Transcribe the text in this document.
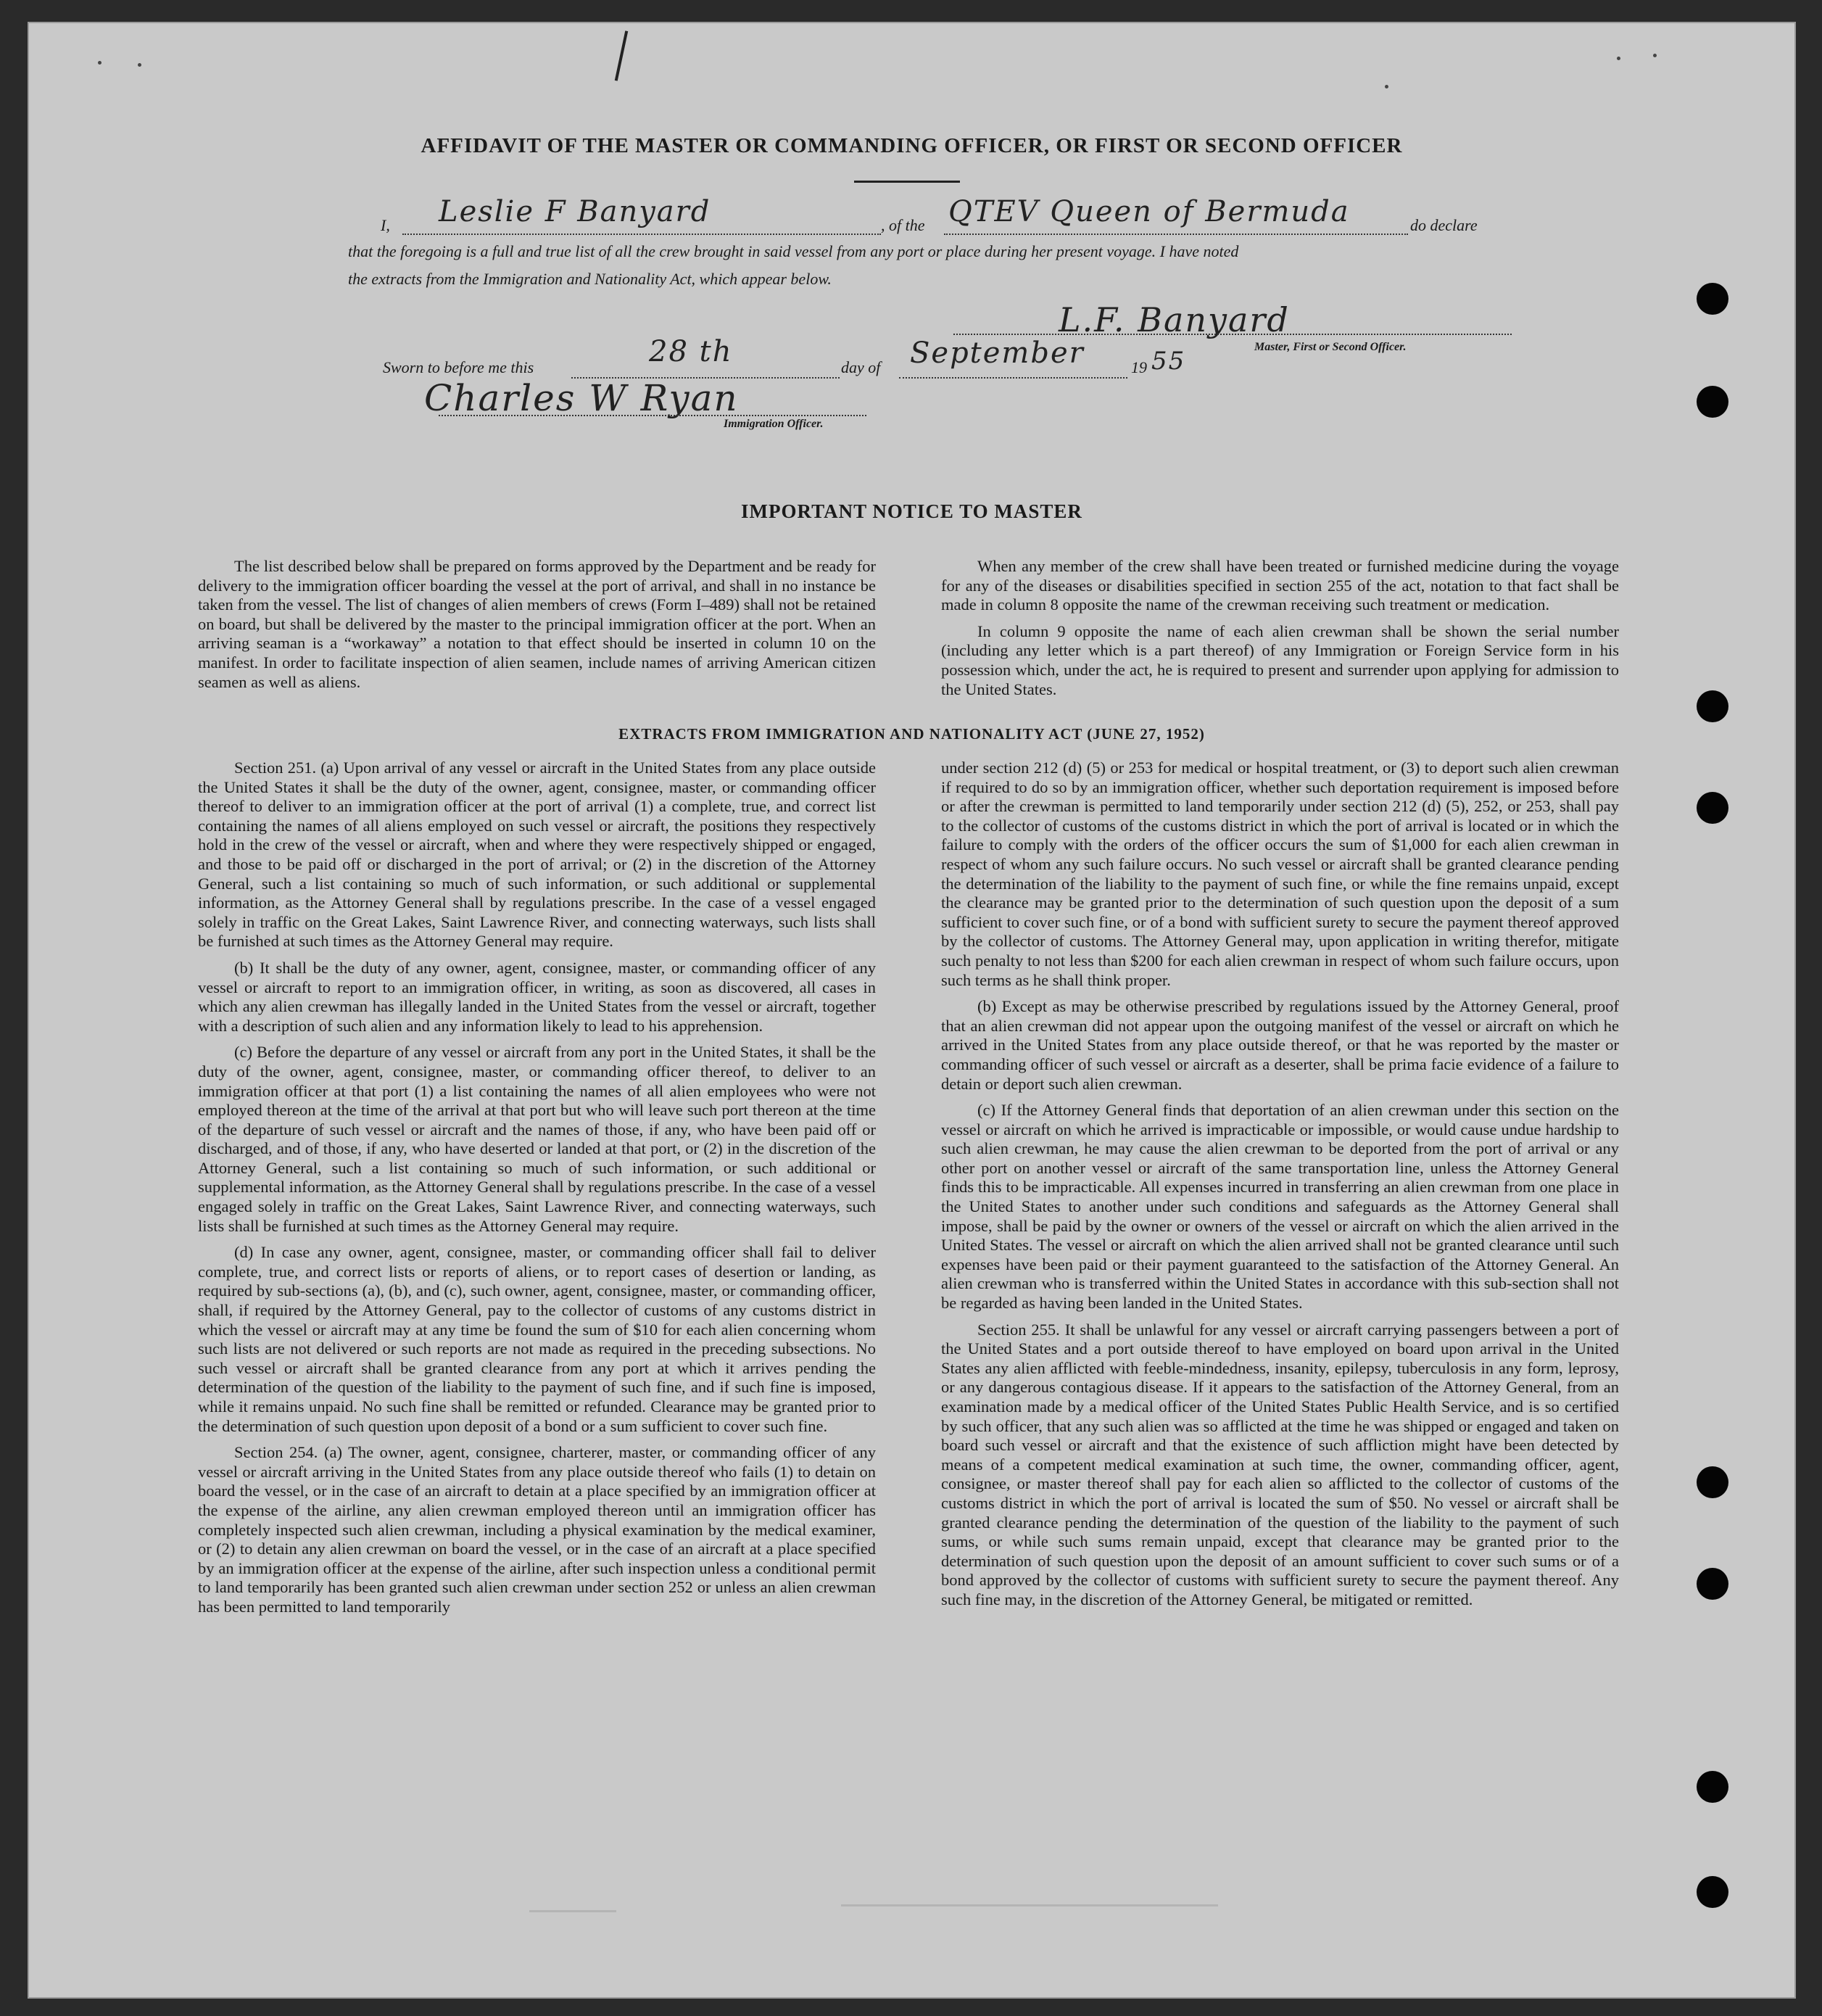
AFFIDAVIT OF THE MASTER OR COMMANDING OFFICER, OR FIRST OR SECOND OFFICER
I, Leslie F Banyard	, of the QTEV Queen of Bermuda	do declare
that the foregoing is a full and true list of all the crew brought in said vessel from any port or place during her present voyage. I have noted
the extracts from the Immigration and Nationality Act, which appear below.
L.F. Banyard
Master, First or Second Officer.
Sworn to before me this	28 th	day of September	19 55
Charles W Ryan
Immigration Officer.
IMPORTANT NOTICE TO MASTER

The list described below shall be prepared on forms approved by the Department and be ready for delivery to the immigration officer boarding the vessel at the port of arrival, and shall in no instance be taken from the vessel. The list of changes of alien members of crews (Form I–489) shall not be retained on board, but shall be delivered by the master to the principal immigration officer at the port. When an arriving seaman is a “workaway” a notation to that effect should be inserted in column 10 on the manifest. In order to facilitate inspection of alien seamen, include names of arriving American citizen seamen as well as aliens.

When any member of the crew shall have been treated or furnished medicine during the voyage for any of the diseases or disabilities specified in section 255 of the act, notation to that fact shall be made in column 8 opposite the name of the crewman receiving such treatment or medication.

In column 9 opposite the name of each alien crewman shall be shown the serial number (including any letter which is a part thereof) of any Immigration or Foreign Service form in his possession which, under the act, he is required to present and surrender upon applying for admission to the United States.

EXTRACTS FROM IMMIGRATION AND NATIONALITY ACT (JUNE 27, 1952)

Section 251. (a) Upon arrival of any vessel or aircraft in the United States from any place outside the United States it shall be the duty of the owner, agent, consignee, master, or commanding officer thereof to deliver to an immigration officer at the port of arrival (1) a complete, true, and correct list containing the names of all aliens employed on such vessel or aircraft, the positions they respectively hold in the crew of the vessel or aircraft, when and where they were respectively shipped or engaged, and those to be paid off or discharged in the port of arrival; or (2) in the discretion of the Attorney General, such a list containing so much of such information, or such additional or supplemental information, as the Attorney General shall by regulations prescribe. In the case of a vessel engaged solely in traffic on the Great Lakes, Saint Lawrence River, and connecting waterways, such lists shall be furnished at such times as the Attorney General may require.

(b) It shall be the duty of any owner, agent, consignee, master, or commanding officer of any vessel or aircraft to report to an immigration officer, in writing, as soon as discovered, all cases in which any alien crewman has illegally landed in the United States from the vessel or aircraft, together with a description of such alien and any information likely to lead to his apprehension.

(c) Before the departure of any vessel or aircraft from any port in the United States, it shall be the duty of the owner, agent, consignee, master, or commanding officer thereof, to deliver to an immigration officer at that port (1) a list containing the names of all alien employees who were not employed thereon at the time of the arrival at that port but who will leave such port thereon at the time of the departure of such vessel or aircraft and the names of those, if any, who have been paid off or discharged, and of those, if any, who have deserted or landed at that port, or (2) in the discretion of the Attorney General, such a list containing so much of such information, or such additional or supplemental information, as the Attorney General shall by regulations prescribe. In the case of a vessel engaged solely in traffic on the Great Lakes, Saint Lawrence River, and connecting waterways, such lists shall be furnished at such times as the Attorney General may require.

(d) In case any owner, agent, consignee, master, or commanding officer shall fail to deliver complete, true, and correct lists or reports of aliens, or to report cases of desertion or landing, as required by sub-sections (a), (b), and (c), such owner, agent, consignee, master, or commanding officer, shall, if required by the Attorney General, pay to the collector of customs of any customs district in which the vessel or aircraft may at any time be found the sum of $10 for each alien concerning whom such lists are not delivered or such reports are not made as required in the preceding subsections. No such vessel or aircraft shall be granted clearance from any port at which it arrives pending the determination of the question of the liability to the payment of such fine, and if such fine is imposed, while it remains unpaid. No such fine shall be remitted or refunded. Clearance may be granted prior to the determination of such question upon deposit of a bond or a sum sufficient to cover such fine.

Section 254. (a) The owner, agent, consignee, charterer, master, or commanding officer of any vessel or aircraft arriving in the United States from any place outside thereof who fails (1) to detain on board the vessel, or in the case of an aircraft to detain at a place specified by an immigration officer at the expense of the airline, any alien crewman employed thereon until an immigration officer has completely inspected such alien crewman, including a physical examination by the medical examiner, or (2) to detain any alien crewman on board the vessel, or in the case of an aircraft at a place specified by an immigration officer at the expense of the airline, after such inspection unless a conditional permit to land temporarily has been granted such alien crewman under section 252 or unless an alien crewman has been permitted to land temporarily

under section 212 (d) (5) or 253 for medical or hospital treatment, or (3) to deport such alien crewman if required to do so by an immigration officer, whether such deportation requirement is imposed before or after the crewman is permitted to land temporarily under section 212 (d) (5), 252, or 253, shall pay to the collector of customs of the customs district in which the port of arrival is located or in which the failure to comply with the orders of the officer occurs the sum of $1,000 for each alien crewman in respect of whom any such failure occurs. No such vessel or aircraft shall be granted clearance pending the determination of the liability to the payment of such fine, or while the fine remains unpaid, except the clearance may be granted prior to the determination of such question upon the deposit of a sum sufficient to cover such fine, or of a bond with sufficient surety to secure the payment thereof approved by the collector of customs. The Attorney General may, upon application in writing therefor, mitigate such penalty to not less than $200 for each alien crewman in respect of whom such failure occurs, upon such terms as he shall think proper.

(b) Except as may be otherwise prescribed by regulations issued by the Attorney General, proof that an alien crewman did not appear upon the outgoing manifest of the vessel or aircraft on which he arrived in the United States from any place outside thereof, or that he was reported by the master or commanding officer of such vessel or aircraft as a deserter, shall be prima facie evidence of a failure to detain or deport such alien crewman.

(c) If the Attorney General finds that deportation of an alien crewman under this section on the vessel or aircraft on which he arrived is impracticable or impossible, or would cause undue hardship to such alien crewman, he may cause the alien crewman to be deported from the port of arrival or any other port on another vessel or aircraft of the same transportation line, unless the Attorney General finds this to be impracticable. All expenses incurred in transferring an alien crewman from one place in the United States to another under such conditions and safeguards as the Attorney General shall impose, shall be paid by the owner or owners of the vessel or aircraft on which the alien arrived in the United States. The vessel or aircraft on which the alien arrived shall not be granted clearance until such expenses have been paid or their payment guaranteed to the satisfaction of the Attorney General. An alien crewman who is transferred within the United States in accordance with this sub-section shall not be regarded as having been landed in the United States.

Section 255. It shall be unlawful for any vessel or aircraft carrying passengers between a port of the United States and a port outside thereof to have employed on board upon arrival in the United States any alien afflicted with feeble-mindedness, insanity, epilepsy, tuberculosis in any form, leprosy, or any dangerous contagious disease. If it appears to the satisfaction of the Attorney General, from an examination made by a medical officer of the United States Public Health Service, and is so certified by such officer, that any such alien was so afflicted at the time he was shipped or engaged and taken on board such vessel or aircraft and that the existence of such affliction might have been detected by means of a competent medical examination at such time, the owner, commanding officer, agent, consignee, or master thereof shall pay for each alien so afflicted to the collector of customs of the customs district in which the port of arrival is located the sum of $50. No vessel or aircraft shall be granted clearance pending the determination of the question of the liability to the payment of such sums, or while such sums remain unpaid, except that clearance may be granted prior to the determination of such question upon the deposit of an amount sufficient to cover such sums or of a bond approved by the collector of customs with sufficient surety to secure the payment thereof. Any such fine may, in the discretion of the Attorney General, be mitigated or remitted.
